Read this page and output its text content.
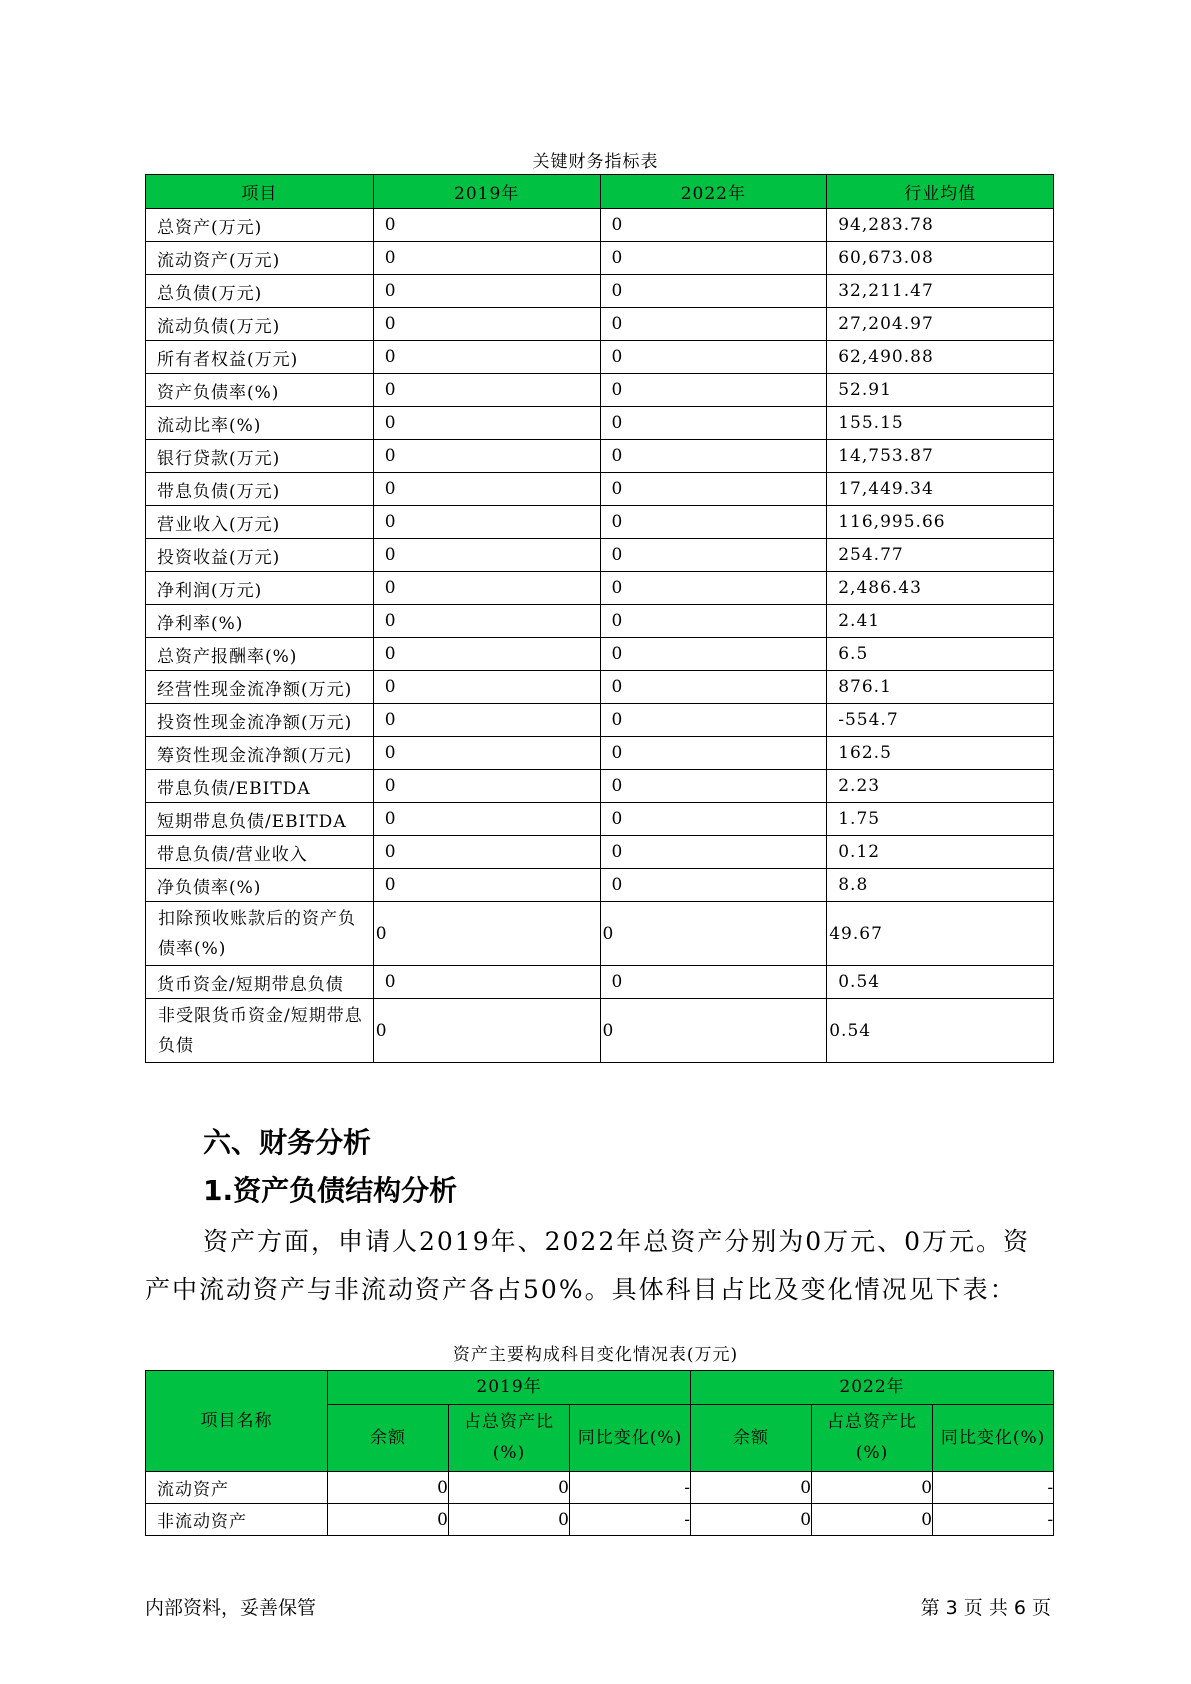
关键财务指标表
项目	2019年	2022年	行业均值
总资产(万元)	0	0	94,283.78
流动资产(万元)	0	0	60,673.08
总负债(万元)	0	0	32,211.47
流动负债(万元)	0	0	27,204.97
所有者权益(万元)	0	0	62,490.88
资产负债率(%)	0	0	52.91
流动比率(%)	0	0	155.15
银行贷款(万元)	0	0	14,753.87
带息负债(万元)	0	0	17,449.34
营业收入(万元)	0	0	116,995.66
投资收益(万元)	0	0	254.77
净利润(万元)	0	0	2,486.43
净利率(%)	0	0	2.41
总资产报酬率(%)	0	0	6.5
经营性现金流净额(万元)	0	0	876.1
投资性现金流净额(万元)	0	0	-554.7
筹资性现金流净额(万元)	0	0	162.5
带息负债/EBITDA	0	0	2.23
短期带息负债/EBITDA	0	0	1.75
带息负债/营业收入	0	0	0.12
净负债率(%)	0	0	8.8
扣除预收账款后的资产负债率(%)	0	0	49.67
货币资金/短期带息负债	0	0	0.54
非受限货币资金/短期带息负债	0	0	0.54
六、财务分析
1.资产负债结构分析
资产方面，申请人2019年、2022年总资产分别为0万元、0万元。资产中流动资产与非流动资产各占50%。具体科目占比及变化情况见下表：
资产主要构成科目变化情况表(万元)
项目名称	2019年			2022年		
	余额	占总资产比(%)	同比变化(%)	余额	占总资产比(%)	同比变化(%)
流动资产	0	0	-	0	0	-
非流动资产	0	0	-	0	0	-
内部资料，妥善保管	第 3 页 共 6 页
